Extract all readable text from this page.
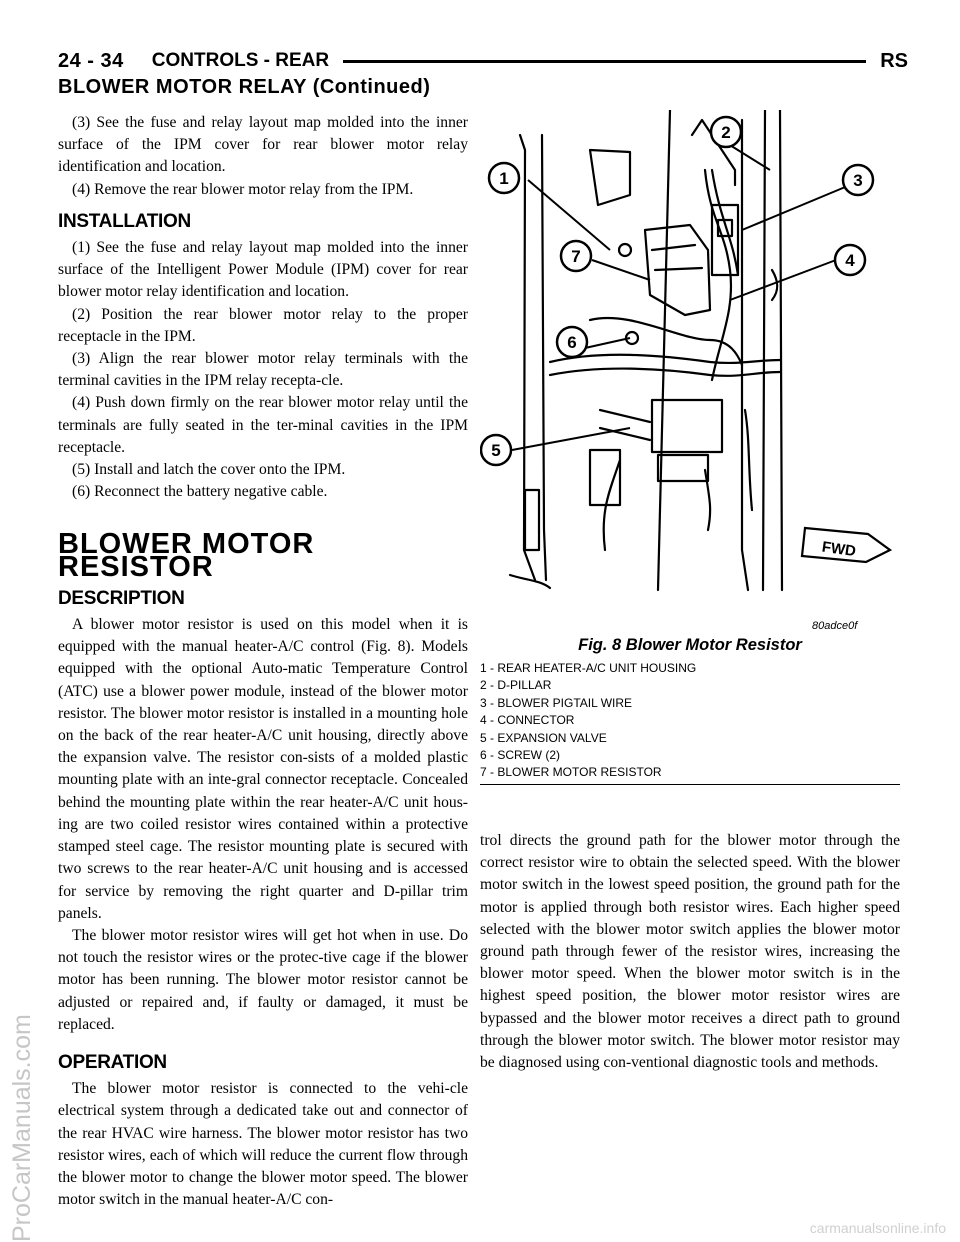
ProCarManuals.com	carmanualsonline.info
24 - 34 CONTROLS - REAR	RS
BLOWER MOTOR RELAY (Continued)

(3) See the fuse and relay layout map molded into the inner surface of the IPM cover for rear blower motor relay identification and location.

(4) Remove the rear blower motor relay from the IPM.

INSTALLATION

(1) See the fuse and relay layout map molded into the inner surface of the Intelligent Power Module (IPM) cover for rear blower motor relay identification and location.

(2) Position the rear blower motor relay to the proper receptacle in the IPM.

(3) Align the rear blower motor relay terminals with the terminal cavities in the IPM relay recepta-cle.

(4) Push down firmly on the rear blower motor relay until the terminals are fully seated in the ter-minal cavities in the IPM receptacle.

(5) Install and latch the cover onto the IPM.

(6) Reconnect the battery negative cable.

BLOWER MOTOR RESISTOR
DESCRIPTION

A blower motor resistor is used on this model when it is equipped with the manual heater-A/C control (Fig. 8). Models equipped with the optional Auto-matic Temperature Control (ATC) use a blower power module, instead of the blower motor resistor. The blower motor resistor is installed in a mounting hole on the back of the rear heater-A/C unit housing, directly above the expansion valve. The resistor con-sists of a molded plastic mounting plate with an inte-gral connector receptacle. Concealed behind the mounting plate within the rear heater-A/C unit hous-ing are two coiled resistor wires contained within a protective stamped steel cage. The resistor mounting plate is secured with two screws to the rear heater-A/C unit housing and is accessed for service by removing the right quarter and D-pillar trim panels.

The blower motor resistor wires will get hot when in use. Do not touch the resistor wires or the protec-tive cage if the blower motor has been running. The blower motor resistor cannot be adjusted or repaired and, if faulty or damaged, it must be replaced.

OPERATION

The blower motor resistor is connected to the vehi-cle electrical system through a dedicated take out and connector of the rear HVAC wire harness. The blower motor resistor has two resistor wires, each of which will reduce the current flow through the blower motor to change the blower motor speed. The blower motor switch in the manual heater-A/C con-

FWD
1
2
3
4
5
6
7
80adce0f
Fig. 8 Blower Motor Resistor
1 - REAR HEATER-A/C UNIT HOUSING
2 - D-PILLAR
3 - BLOWER PIGTAIL WIRE
4 - CONNECTOR
5 - EXPANSION VALVE
6 - SCREW (2)
7 - BLOWER MOTOR RESISTOR

trol directs the ground path for the blower motor through the correct resistor wire to obtain the selected speed. With the blower motor switch in the lowest speed position, the ground path for the motor is applied through both resistor wires. Each higher speed selected with the blower motor switch applies the blower motor ground path through fewer of the resistor wires, increasing the blower motor speed. When the blower motor switch is in the highest speed position, the blower motor resistor wires are bypassed and the blower motor receives a direct path to ground through the blower motor switch. The blower motor resistor may be diagnosed using con-ventional diagnostic tools and methods.
